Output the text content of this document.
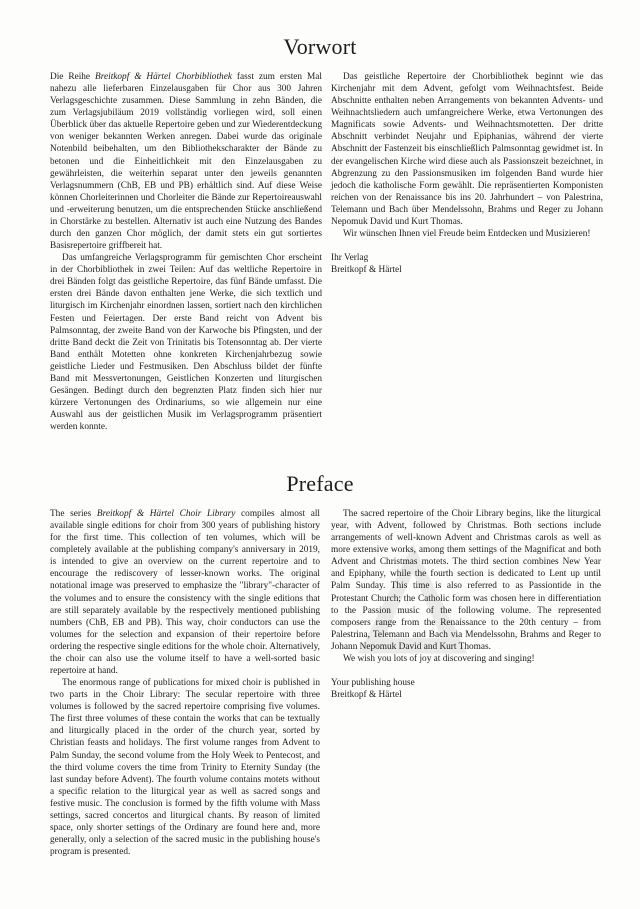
Vorwort

Die Reihe Breitkopf & Härtel Chorbibliothek fasst zum ersten Mal nahezu alle lieferbaren Einzelausgaben für Chor aus 300 Jahren Verlagsgeschichte zusammen. Diese Sammlung in zehn Bänden, die zum Verlagsjubiläum 2019 vollständig vorliegen wird, soll einen Überblick über das aktuelle Repertoire geben und zur Wiederentdeckung von weniger bekannten Werken anregen. Dabei wurde das originale Notenbild beibehalten, um den Bibliothekscharakter der Bände zu betonen und die Einheitlichkeit mit den Einzelausgaben zu gewährleisten, die weiterhin separat unter den jeweils genannten Verlagsnummern (ChB, EB und PB) erhältlich sind. Auf diese Weise können Chorleiterinnen und Chorleiter die Bände zur Repertoireauswahl und -erweiterung benutzen, um die entsprechenden Stücke anschließend in Chorstärke zu bestellen. Alternativ ist auch eine Nutzung des Bandes durch den ganzen Chor möglich, der damit stets ein gut sortiertes Basisrepertoire griffbereit hat.

Das umfangreiche Verlagsprogramm für gemischten Chor erscheint in der Chorbibliothek in zwei Teilen: Auf das weltliche Repertoire in drei Bänden folgt das geistliche Repertoire, das fünf Bände umfasst. Die ersten drei Bände davon enthalten jene Werke, die sich textlich und liturgisch im Kirchenjahr einordnen lassen, sortiert nach den kirchlichen Festen und Feiertagen. Der erste Band reicht von Advent bis Palmsonntag, der zweite Band von der Karwoche bis Pfingsten, und der dritte Band deckt die Zeit von Trinitatis bis Totensonntag ab. Der vierte Band enthält Motetten ohne konkreten Kirchenjahrbezug sowie geistliche Lieder und Festmusiken. Den Abschluss bildet der fünfte Band mit Messvertonungen, Geistlichen Konzerten und liturgischen Gesängen. Bedingt durch den begrenzten Platz finden sich hier nur kürzere Vertonungen des Ordinariums, so wie allgemein nur eine Auswahl aus der geistlichen Musik im Verlagsprogramm präsentiert werden konnte.

Das geistliche Repertoire der Chorbibliothek beginnt wie das Kirchenjahr mit dem Advent, gefolgt vom Weihnachtsfest. Beide Abschnitte enthalten neben Arrangements von bekannten Advents- und Weihnachtsliedern auch umfangreichere Werke, etwa Vertonungen des Magnificats sowie Advents- und Weihnachtsmotetten. Der dritte Abschnitt verbindet Neujahr und Epiphanias, während der vierte Abschnitt der Fastenzeit bis einschließlich Palmsonntag gewidmet ist. In der evangelischen Kirche wird diese auch als Passionszeit bezeichnet, in Abgrenzung zu den Passionsmusiken im folgenden Band wurde hier jedoch die katholische Form gewählt. Die repräsentierten Komponisten reichen von der Renaissance bis ins 20. Jahrhundert – von Palestrina, Telemann und Bach über Mendelssohn, Brahms und Reger zu Johann Nepomuk David und Kurt Thomas.

Wir wünschen Ihnen viel Freude beim Entdecken und Musizieren!

Ihr Verlag

Breitkopf & Härtel

Preface

The series Breitkopf & Härtel Choir Library compiles almost all available single editions for choir from 300 years of publishing history for the first time. This collection of ten volumes, which will be completely available at the publishing company's anniversary in 2019, is intended to give an overview on the current repertoire and to encourage the rediscovery of lesser-known works. The original notational image was preserved to emphasize the "library"-character of the volumes and to ensure the consistency with the single editions that are still separately available by the respectively mentioned publishing numbers (ChB, EB and PB). This way, choir conductors can use the volumes for the selection and expansion of their repertoire before ordering the respective single editions for the whole choir. Alternatively, the choir can also use the volume itself to have a well-sorted basic repertoire at hand.

The enormous range of publications for mixed choir is published in two parts in the Choir Library: The secular repertoire with three volumes is followed by the sacred repertoire comprising five volumes. The first three volumes of these contain the works that can be textually and liturgically placed in the order of the church year, sorted by Christian feasts and holidays. The first volume ranges from Advent to Palm Sunday, the second volume from the Holy Week to Pentecost, and the third volume covers the time from Trinity to Eternity Sunday (the last sunday before Advent). The fourth volume contains motets without a specific relation to the liturgical year as well as sacred songs and festive music. The conclusion is formed by the fifth volume with Mass settings, sacred concertos and liturgical chants. By reason of limited space, only shorter settings of the Ordinary are found here and, more generally, only a selection of the sacred music in the publishing house's program is presented.

The sacred repertoire of the Choir Library begins, like the liturgical year, with Advent, followed by Christmas. Both sections include arrangements of well-known Advent and Christmas carols as well as more extensive works, among them settings of the Magnificat and both Advent and Christmas motets. The third section combines New Year and Epiphany, while the fourth section is dedicated to Lent up until Palm Sunday. This time is also referred to as Passiontide in the Protestant Church; the Catholic form was chosen here in differentiation to the Passion music of the following volume. The represented composers range from the Renaissance to the 20th century – from Palestrina, Telemann and Bach via Mendelssohn, Brahms and Reger to Johann Nepomuk David and Kurt Thomas.

We wish you lots of joy at discovering and singing!

Your publishing house

Breitkopf & Härtel
